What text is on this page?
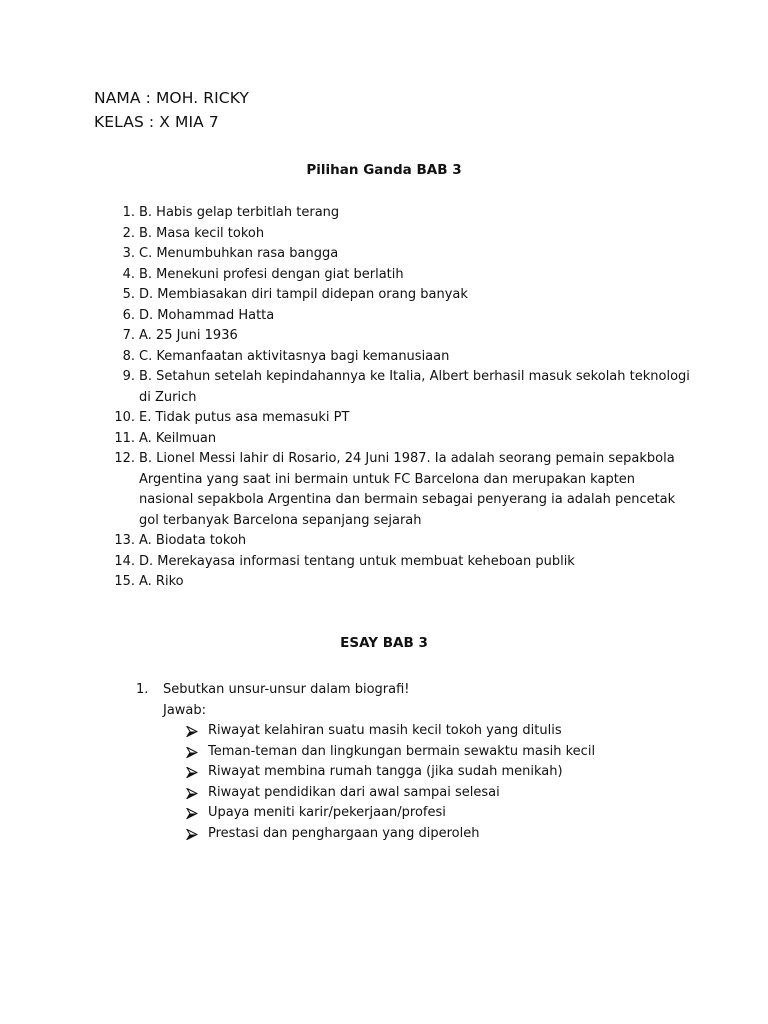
NAMA : MOH. RICKY
KELAS : X MIA 7
Pilihan Ganda BAB 3
1. B. Habis gelap terbitlah terang
2. B. Masa kecil tokoh
3. C. Menumbuhkan rasa bangga
4. B. Menekuni profesi dengan giat berlatih
5. D. Membiasakan diri tampil didepan orang banyak
6. D. Mohammad Hatta
7. A. 25 Juni 1936
8. C. Kemanfaatan aktivitasnya bagi kemanusiaan
9. B. Setahun setelah kepindahannya ke Italia, Albert berhasil masuk sekolah teknologi di Zurich
10. E. Tidak putus asa memasuki PT
11. A. Keilmuan
12. B. Lionel Messi lahir di Rosario, 24 Juni 1987. Ia adalah seorang pemain sepakbola Argentina yang saat ini bermain untuk FC Barcelona dan merupakan kapten nasional sepakbola Argentina dan bermain sebagai penyerang ia adalah pencetak gol terbanyak Barcelona sepanjang sejarah
13. A. Biodata tokoh
14. D. Merekayasa informasi tentang untuk membuat keheboan publik
15. A. Riko
ESAY BAB 3
1. Sebutkan unsur-unsur dalam biografi!
Jawab:
Riwayat kelahiran suatu masih kecil tokoh yang ditulis
Teman-teman dan lingkungan bermain sewaktu masih kecil
Riwayat membina rumah tangga (jika sudah menikah)
Riwayat pendidikan dari awal sampai selesai
Upaya meniti karir/pekerjaan/profesi
Prestasi dan penghargaan yang diperoleh
